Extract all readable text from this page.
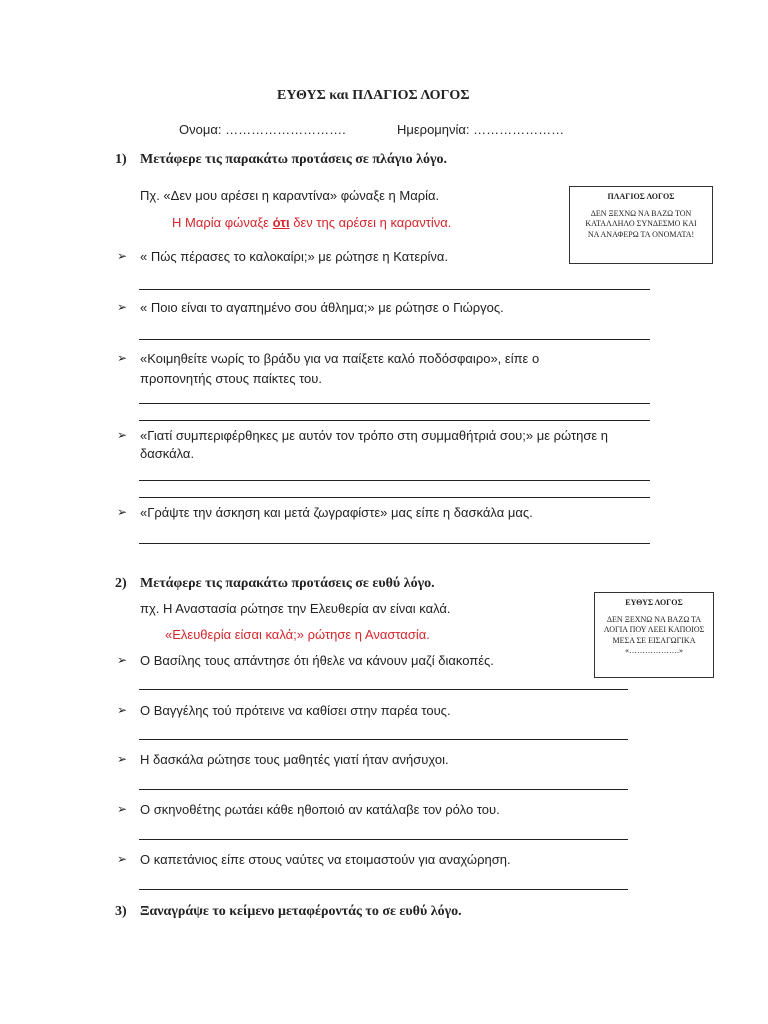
ΕΥΘΥΣ και ΠΛΑΓΙΟΣ ΛΟΓΟΣ
Ονομα: ……………………….	Ημερομηνία: …………………
1) Μετάφερε τις παρακάτω προτάσεις σε πλάγιο λόγο.
Πχ. «Δεν μου αρέσει η καραντίνα» φώναξε η Μαρία.
Η Μαρία φώναξε ότι δεν της αρέσει η καραντίνα.
ΠΛΑΓΙΟΣ ΛΟΓΟΣ
ΔΕΝ ΞΕΧΝΩ ΝΑ ΒΑΖΩ ΤΟΝ
ΚΑΤΑΛΛΗΛΟ ΣΥΝΔΕΣΜΟ ΚΑΙ
ΝΑ ΑΝΑΦΕΡΩ ΤΑ ΟΝΟΜΑΤΑ!
➢ « Πώς πέρασες το καλοκαίρι;» με ρώτησε η Κατερίνα.
➢ « Ποιο είναι το αγαπημένο σου άθλημα;» με ρώτησε ο Γιώργος.
➢ «Κοιμηθείτε νωρίς το βράδυ για να παίξετε καλό ποδόσφαιρο», είπε ο
προπονητής στους παίκτες του.
➢ «Γιατί συμπεριφέρθηκες με αυτόν τον τρόπο στη συμμαθήτριά σου;» με ρώτησε η
δασκάλα.
➢ «Γράψτε την άσκηση και μετά ζωγραφίστε» μας είπε η δασκάλα μας.
2) Μετάφερε τις παρακάτω προτάσεις σε ευθύ λόγο.
πχ. Η Αναστασία ρώτησε την Ελευθερία αν είναι καλά.
«Ελευθερία είσαι καλά;» ρώτησε η Αναστασία.
ΕΥΘΥΣ ΛΟΓΟΣ
ΔΕΝ ΞΕΧΝΩ ΝΑ ΒΑΖΩ ΤΑ
ΛΟΓΙΑ ΠΟΥ ΛΕΕΙ ΚΑΠΟΙΟΣ
ΜΕΣΑ ΣΕ ΕΙΣΑΓΩΓΙΚΑ
«……………….»
➢ Ο Βασίλης τους απάντησε ότι ήθελε να κάνουν μαζί διακοπές.
➢ Ο Βαγγέλης τού πρότεινε να καθίσει στην παρέα τους.
➢ Η δασκάλα ρώτησε τους μαθητές γιατί ήταν ανήσυχοι.
➢ Ο σκηνοθέτης ρωτάει κάθε ηθοποιό αν κατάλαβε τον ρόλο του.
➢ Ο καπετάνιος είπε στους ναύτες να ετοιμαστούν για αναχώρηση.
3) Ξαναγράψε το κείμενο μεταφέροντάς το σε ευθύ λόγο.
